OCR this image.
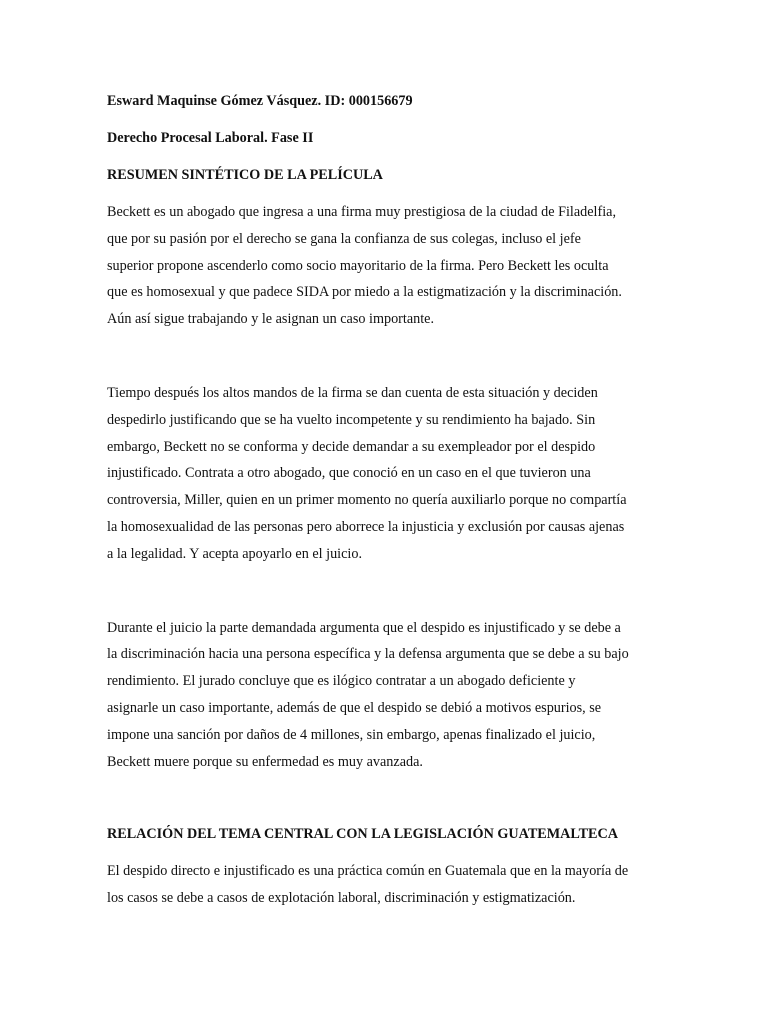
Esward Maquinse Gómez Vásquez. ID: 000156679
Derecho Procesal Laboral. Fase II
RESUMEN SINTÉTICO DE LA PELÍCULA

Beckett es un abogado que ingresa a una firma muy prestigiosa de la ciudad de Filadelfia,
que por su pasión por el derecho se gana la confianza de sus colegas, incluso el jefe
superior propone ascenderlo como socio mayoritario de la firma. Pero Beckett les oculta
que es homosexual y que padece SIDA por miedo a la estigmatización y la discriminación.
Aún así sigue trabajando y le asignan un caso importante.

Tiempo después los altos mandos de la firma se dan cuenta de esta situación y deciden
despedirlo justificando que se ha vuelto incompetente y su rendimiento ha bajado. Sin
embargo, Beckett no se conforma y decide demandar a su exempleador por el despido
injustificado. Contrata a otro abogado, que conoció en un caso en el que tuvieron una
controversia, Miller, quien en un primer momento no quería auxiliarlo porque no compartía
la homosexualidad de las personas pero aborrece la injusticia y exclusión por causas ajenas
a la legalidad. Y acepta apoyarlo en el juicio.

Durante el juicio la parte demandada argumenta que el despido es injustificado y se debe a
la discriminación hacia una persona específica y la defensa argumenta que se debe a su bajo
rendimiento. El jurado concluye que es ilógico contratar a un abogado deficiente y
asignarle un caso importante, además de que el despido se debió a motivos espurios, se
impone una sanción por daños de 4 millones, sin embargo, apenas finalizado el juicio,
Beckett muere porque su enfermedad es muy avanzada.

RELACIÓN DEL TEMA CENTRAL CON LA LEGISLACIÓN GUATEMALTECA

El despido directo e injustificado es una práctica común en Guatemala que en la mayoría de
los casos se debe a casos de explotación laboral, discriminación y estigmatización.
